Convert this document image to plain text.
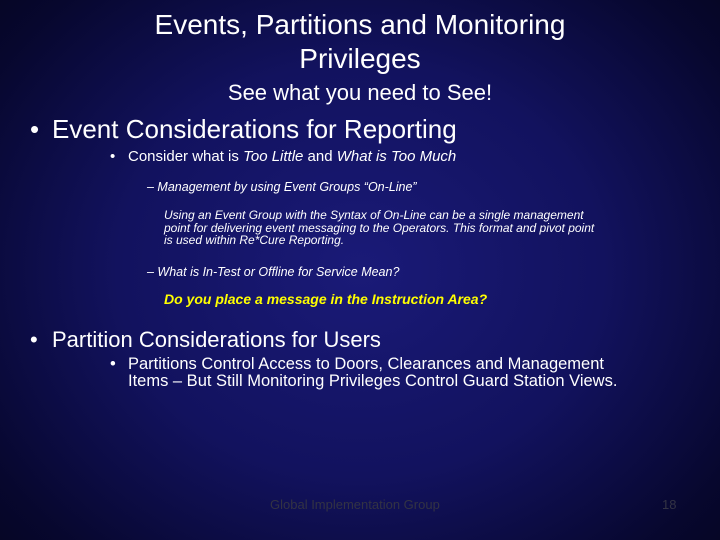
Events, Partitions and Monitoring
Privileges
See what you need to See!
• Event Considerations for Reporting
• Consider what is Too Little and What is Too Much
– Management by using Event Groups “On-Line”
Using an Event Group with the Syntax of On-Line can be a single management
point for delivering event messaging to the Operators. This format and pivot point
is used within Re*Cure Reporting.
– What is In-Test or Offline for Service Mean?
Do you place a message in the Instruction Area?
• Partition Considerations for Users
• Partitions Control Access to Doors, Clearances and Management
Items – But Still Monitoring Privileges Control Guard Station Views.
Global Implementation Group	18
